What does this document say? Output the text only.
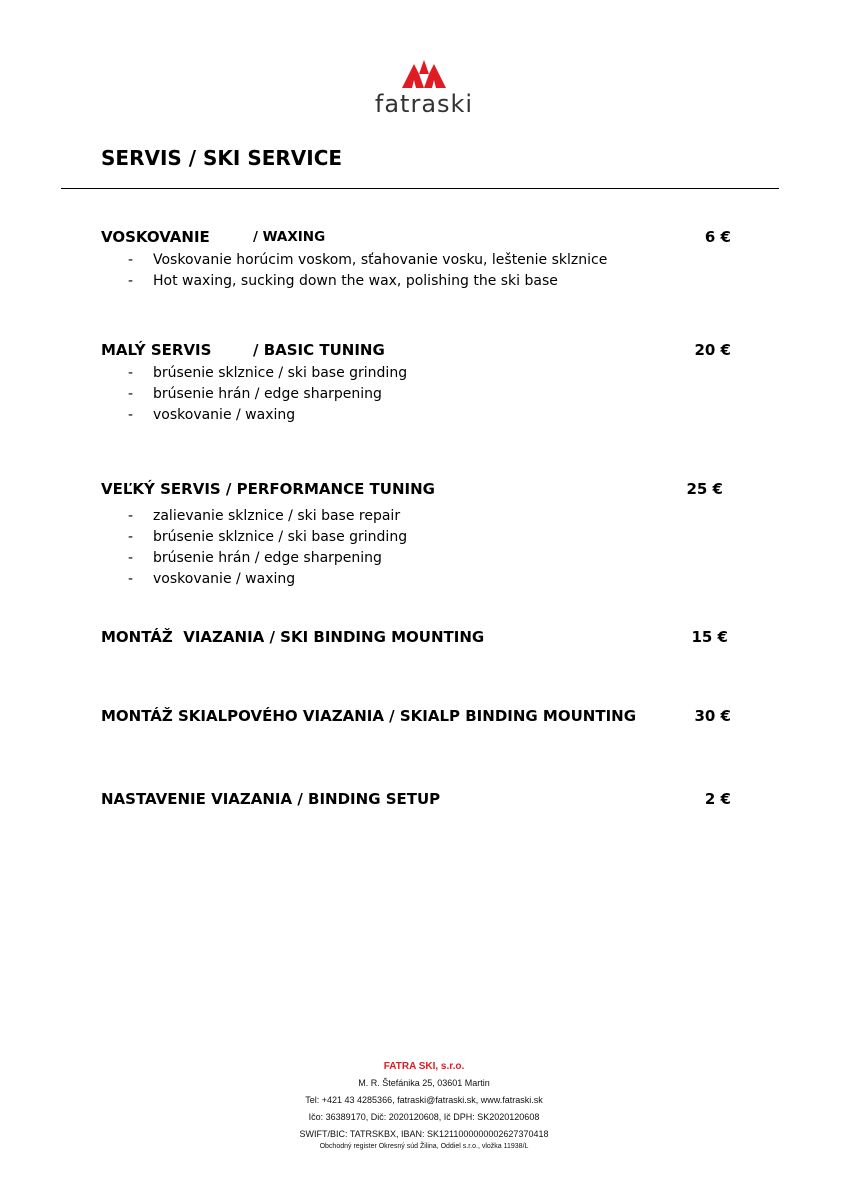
fatraski
SERVIS / SKI SERVICE
VOSKOVANIE	/ WAXING	6 €
- Voskovanie horúcim voskom, sťahovanie vosku, leštenie sklznice
- Hot waxing, sucking down the wax, polishing the ski base
MALÝ SERVIS	/ BASIC TUNING	20 €
- brúsenie sklznice / ski base grinding
- brúsenie hrán / edge sharpening
- voskovanie / waxing
VEĽKÝ SERVIS / PERFORMANCE TUNING	25 €
- zalievanie sklznice / ski base repair
- brúsenie sklznice / ski base grinding
- brúsenie hrán / edge sharpening
- voskovanie / waxing
MONTÁŽ  VIAZANIA / SKI BINDING MOUNTING	15 €
MONTÁŽ SKIALPOVÉHO VIAZANIA / SKIALP BINDING MOUNTING	30 €
NASTAVENIE VIAZANIA / BINDING SETUP	2 €
FATRA SKI, s.r.o.
M. R. Štefánika 25, 03601 Martin
Tel: +421 43 4285366, fatraski@fatraski.sk, www.fatraski.sk
Ičo: 36389170, Dič: 2020120608, Ič DPH: SK2020120608
SWIFT/BIC: TATRSKBX, IBAN: SK1211000000002627370418
Obchodný register Okresný súd Žilina, Oddiel s.r.o., vložka 11938/L
